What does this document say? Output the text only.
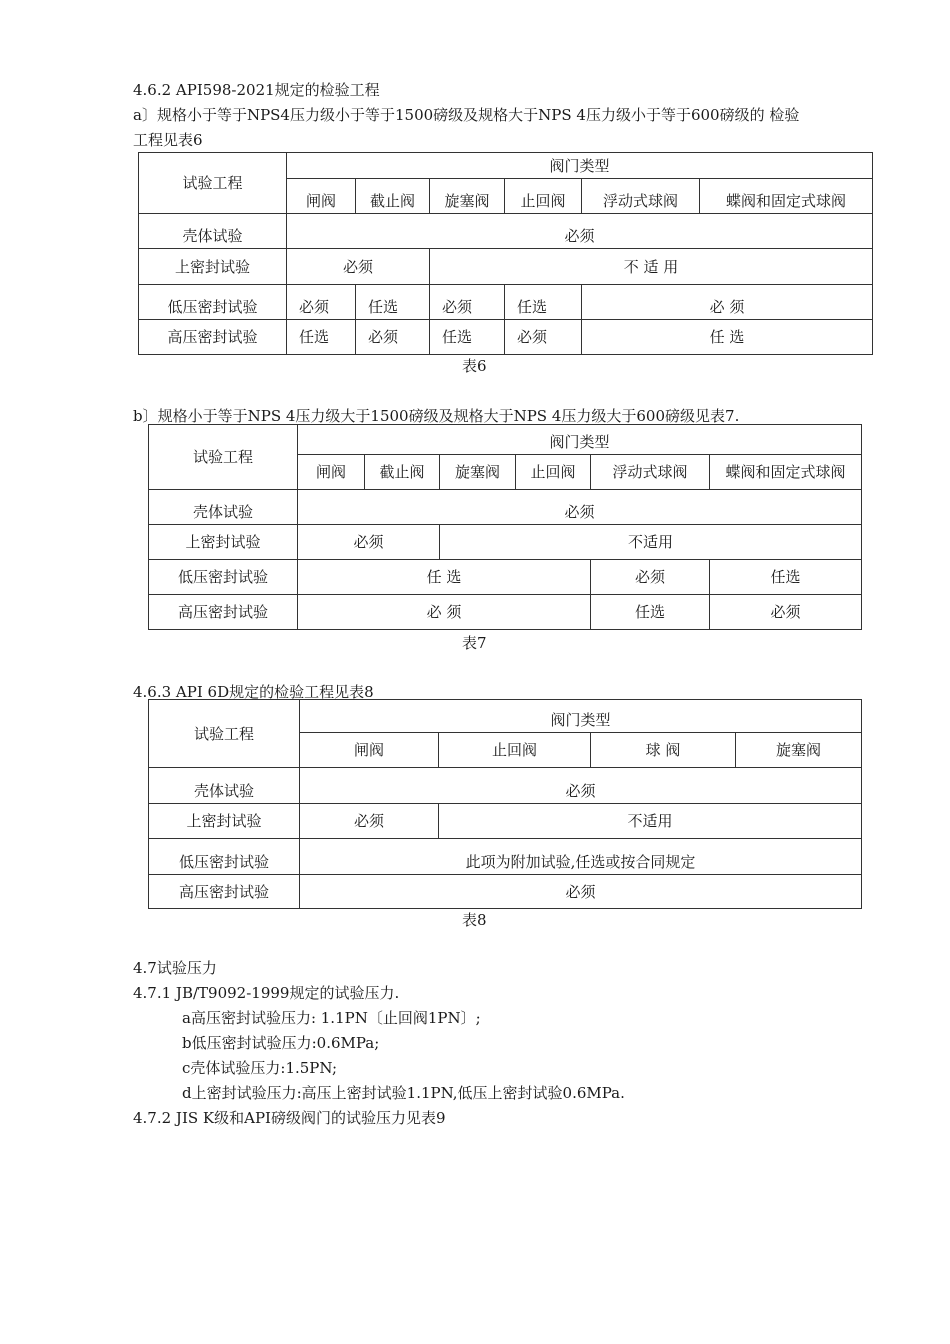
4.6.2 API598-2021规定的检验工程
a〕规格小于等于NPS4压力级小于等于1500磅级及规格大于NPS 4压力级小于等于600磅级的 检验
工程见表6
试验工程	阀门类型					
	闸阀	截止阀	旋塞阀	止回阀	浮动式球阀	蝶阀和固定式球阀
壳体试验	必须					
上密封试验	必须		不 适 用			
低压密封试验	必须	任选	必须	任选	必 须	
高压密封试验	任选	必须	任选	必须	任 选	
表6
b〕规格小于等于NPS 4压力级大于1500磅级及规格大于NPS 4压力级大于600磅级见表7.
试验工程	阀门类型					
	闸阀	截止阀	旋塞阀	止回阀	浮动式球阀	蝶阀和固定式球阀
壳体试验	必须					
上密封试验	必须		不适用			
低压密封试验	任 选				必须	任选
高压密封试验	必 须				任选	必须
表7
4.6.3 API 6D规定的检验工程见表8
试验工程	阀门类型			
	闸阀	止回阀	球 阀	旋塞阀
壳体试验	必须			
上密封试验	必须	不适用		
低压密封试验	此项为附加试验,任选或按合同规定			
高压密封试验	必须			
表8
4.7试验压力
4.7.1 JB/T9092-1999规定的试验压力.
a高压密封试验压力: 1.1PN〔止回阀1PN〕;
b低压密封试验压力:0.6MPa;
c壳体试验压力:1.5PN;
d上密封试验压力:高压上密封试验1.1PN,低压上密封试验0.6MPa.
4.7.2 JIS K级和API磅级阀门的试验压力见表9
